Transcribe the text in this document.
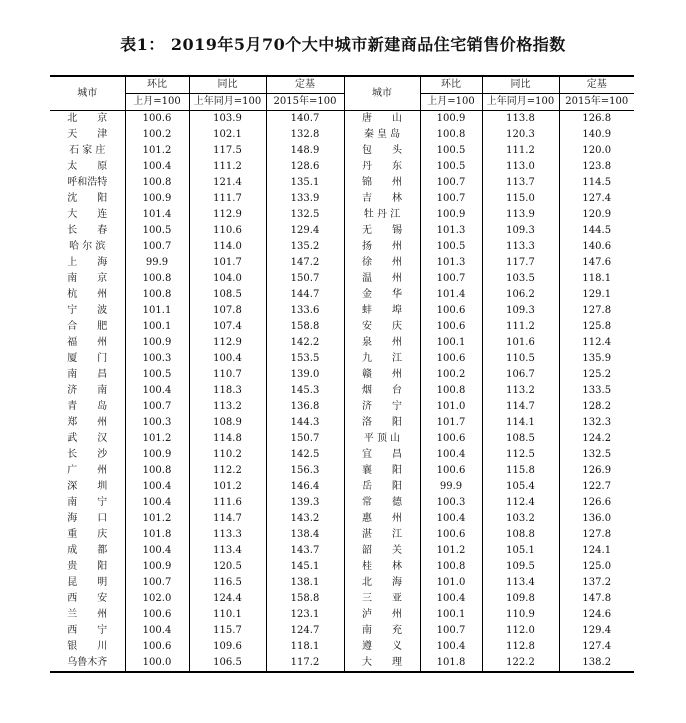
表1： 2019年5月70个大中城市新建商品住宅销售价格指数
城市	环比	同比	定基	城市	环比	同比	定基
	上月=100	上年同月=100	2015年=100		上月=100	上年同月=100	2015年=100
北　　京	100.6	103.9	140.7	唐　　山	100.9	113.8	126.8
天　　津	100.2	102.1	132.8	秦 皇 岛	100.8	120.3	140.9
石 家 庄	101.2	117.5	148.9	包　　头	100.5	111.2	120.0
太　　原	100.4	111.2	128.6	丹　　东	100.5	113.0	123.8
呼和浩特	100.8	121.4	135.1	锦　　州	100.7	113.7	114.5
沈　　阳	100.9	111.7	133.9	吉　　林	100.7	115.0	127.4
大　　连	101.4	112.9	132.5	牡 丹 江	100.9	113.9	120.9
长　　春	100.5	110.6	129.4	无　　锡	101.3	109.3	144.5
哈 尔 滨	100.7	114.0	135.2	扬　　州	100.5	113.3	140.6
上　　海	99.9	101.7	147.2	徐　　州	101.3	117.7	147.6
南　　京	100.8	104.0	150.7	温　　州	100.7	103.5	118.1
杭　　州	100.8	108.5	144.7	金　　华	101.4	106.2	129.1
宁　　波	101.1	107.8	133.6	蚌　　埠	100.6	109.3	127.8
合　　肥	100.1	107.4	158.8	安　　庆	100.6	111.2	125.8
福　　州	100.9	112.9	142.2	泉　　州	100.1	101.6	112.4
厦　　门	100.3	100.4	153.5	九　　江	100.6	110.5	135.9
南　　昌	100.5	110.7	139.0	赣　　州	100.2	106.7	125.2
济　　南	100.4	118.3	145.3	烟　　台	100.8	113.2	133.5
青　　岛	100.7	113.2	136.8	济　　宁	101.0	114.7	128.2
郑　　州	100.3	108.9	144.3	洛　　阳	101.7	114.1	132.3
武　　汉	101.2	114.8	150.7	平 顶 山	100.6	108.5	124.2
长　　沙	100.9	110.2	142.5	宜　　昌	100.4	112.5	132.5
广　　州	100.8	112.2	156.3	襄　　阳	100.6	115.8	126.9
深　　圳	100.4	101.2	146.4	岳　　阳	99.9	105.4	122.7
南　　宁	100.4	111.6	139.3	常　　德	100.3	112.4	126.6
海　　口	101.2	114.7	143.2	惠　　州	100.4	103.2	136.0
重　　庆	101.8	113.3	138.4	湛　　江	100.6	108.8	127.8
成　　都	100.4	113.4	143.7	韶　　关	101.2	105.1	124.1
贵　　阳	100.9	120.5	145.1	桂　　林	100.8	109.5	125.0
昆　　明	100.7	116.5	138.1	北　　海	101.0	113.4	137.2
西　　安	102.0	124.4	158.8	三　　亚	100.4	109.8	147.8
兰　　州	100.6	110.1	123.1	泸　　州	100.1	110.9	124.6
西　　宁	100.4	115.7	124.7	南　　充	100.7	112.0	129.4
银　　川	100.6	109.6	118.1	遵　　义	100.4	112.8	127.4
乌鲁木齐	100.0	106.5	117.2	大　　理	101.8	122.2	138.2
